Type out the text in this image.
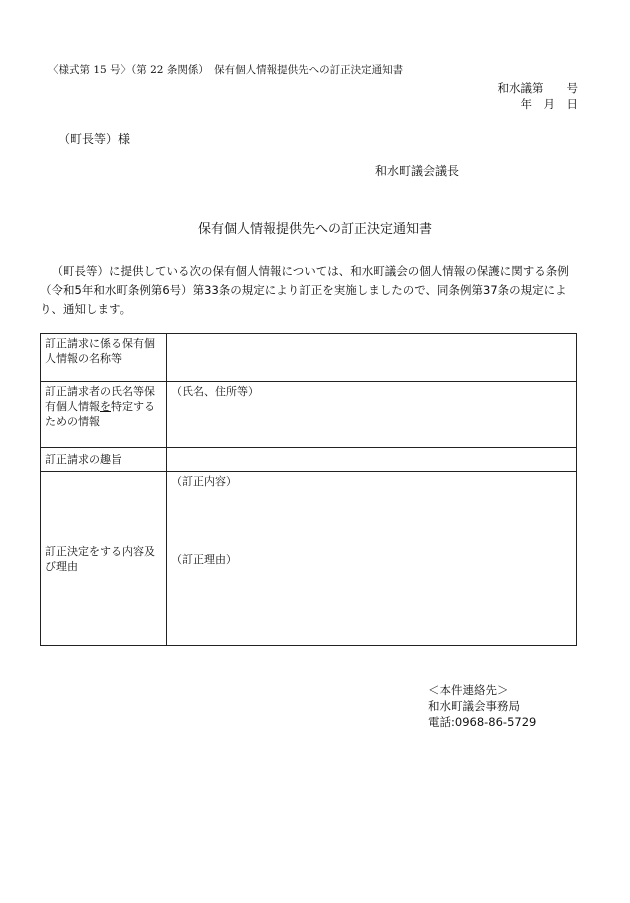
〈様式第 15 号〉（第 22 条関係）　保有個人情報提供先への訂正決定通知書
和水議第　　号
年　月　日
（町長等）様
和水町議会議長
保有個人情報提供先への訂正決定通知書

（町長等）に提供している次の保有個人情報については、和水町議会の個人情報の保護に関する条例（令和5年和水町条例第6号）第33条の規定により訂正を実施しましたので、同条例第37条の規定により、通知します。

訂正請求に係る保有個人情報の名称等	
訂正請求者の氏名等保有個人情報を特定するための情報	（氏名、住所等）
訂正請求の趣旨	
訂正決定をする内容及び理由	（訂正内容）
（訂正理由）
＜本件連絡先＞
和水町議会事務局
電話:0968-86-5729
